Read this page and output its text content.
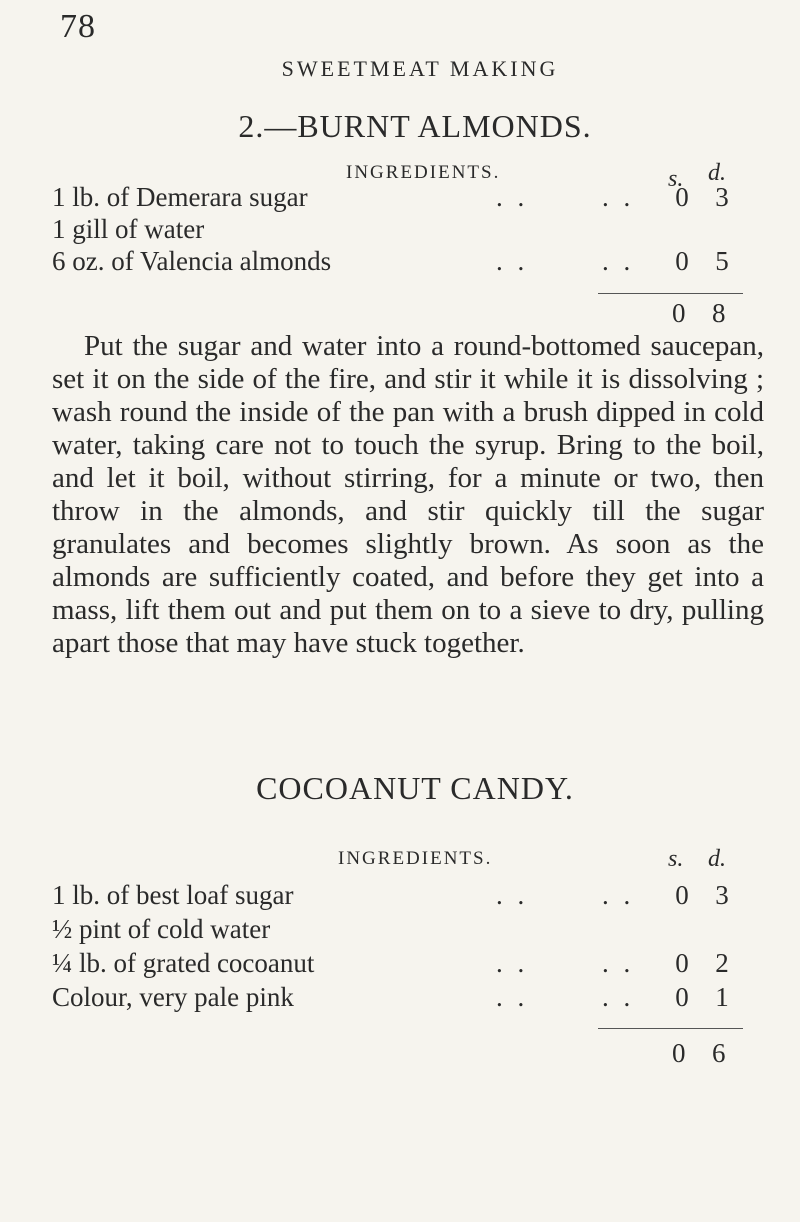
78
SWEETMEAT MAKING
2.—BURNT ALMONDS.
INGREDIENTS.	s. d.
1 lb. of Demerara sugar	. .	. . 0 3
1 gill of water
6 oz. of Valencia almonds	. .	. . 0 5
0 8

Put the sugar and water into a round-bottomed saucepan, set it on the side of the fire, and stir it while it is dissolving ; wash round the inside of the pan with a brush dipped in cold water, taking care not to touch the syrup. Bring to the boil, and let it boil, without stirring, for a minute or two, then throw in the almonds, and stir quickly till the sugar granulates and becomes slightly brown. As soon as the almonds are sufficiently coated, and before they get into a mass, lift them out and put them on to a sieve to dry, pulling apart those that may have stuck together.

COCOANUT CANDY.
INGREDIENTS.	s. d.
1 lb. of best loaf sugar	. .	. . 0 3
½ pint of cold water
¼ lb. of grated cocoanut	. .	. . 0 2
Colour, very pale pink	. .	. . 0 1
0 6
